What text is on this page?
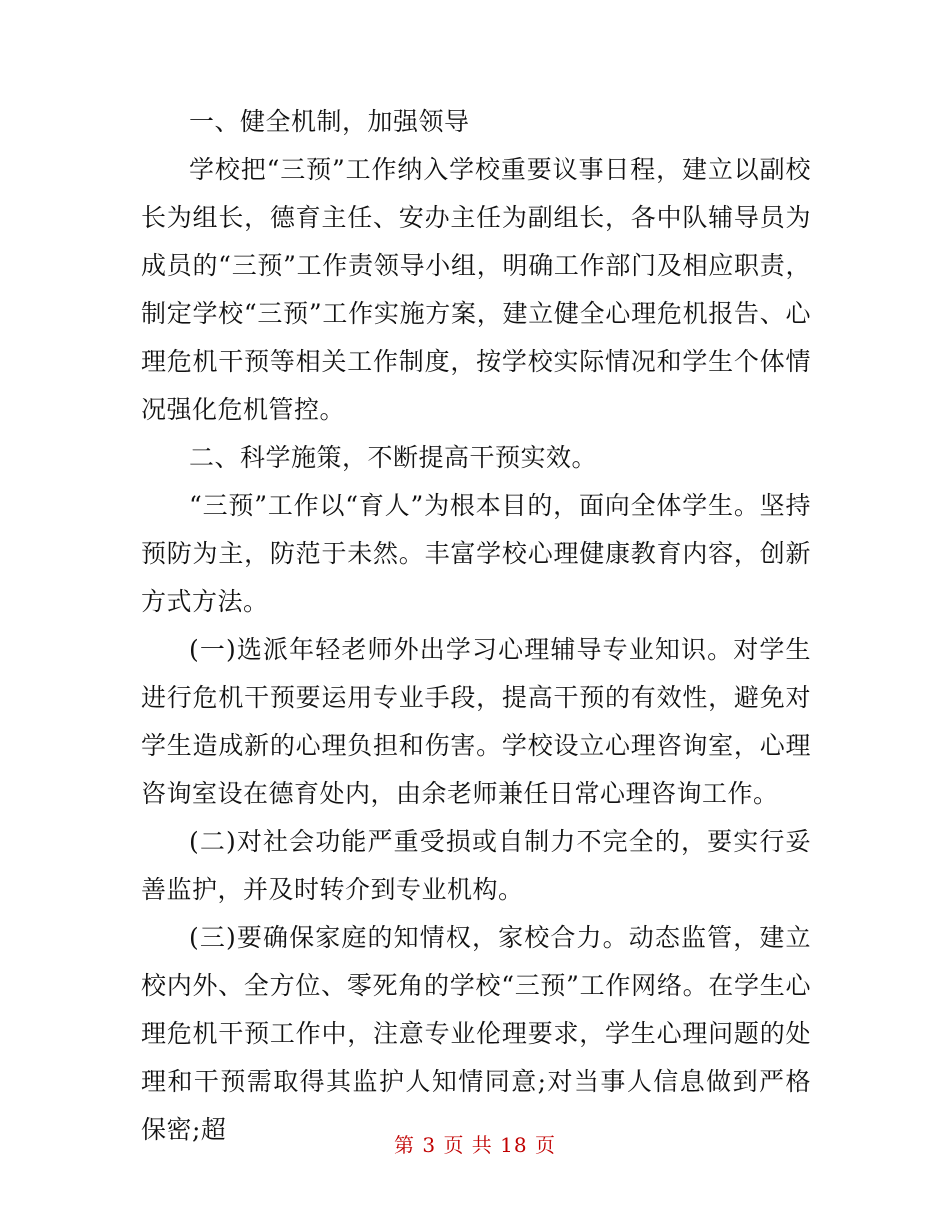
一、健全机制，加强领导

学校把“三预”工作纳入学校重要议事日程，建立以副校长为组长，德育主任、安办主任为副组长，各中队辅导员为成员的“三预”工作责领导小组，明确工作部门及相应职责，制定学校“三预”工作实施方案，建立健全心理危机报告、心理危机干预等相关工作制度，按学校实际情况和学生个体情况强化危机管控。

二、科学施策，不断提高干预实效。

“三预”工作以“育人”为根本目的，面向全体学生。坚持预防为主，防范于未然。丰富学校心理健康教育内容，创新方式方法。

(一)选派年轻老师外出学习心理辅导专业知识。对学生进行危机干预要运用专业手段，提高干预的有效性，避免对学生造成新的心理负担和伤害。学校设立心理咨询室，心理咨询室设在德育处内，由余老师兼任日常心理咨询工作。

(二)对社会功能严重受损或自制力不完全的，要实行妥善监护，并及时转介到专业机构。

(三)要确保家庭的知情权，家校合力。动态监管，建立校内外、全方位、零死角的学校“三预”工作网络。在学生心理危机干预工作中，注意专业伦理要求，学生心理问题的处理和干预需取得其监护人知情同意;对当事人信息做到严格保密;超

第 3 页 共 18 页
